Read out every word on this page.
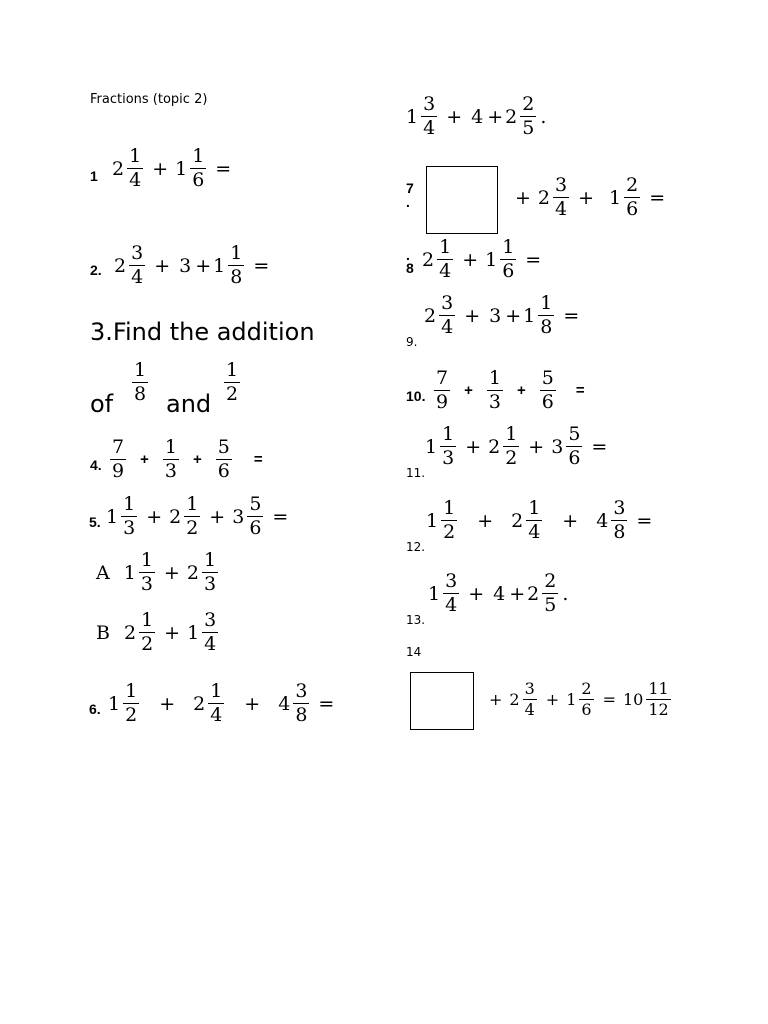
Fractions (topic 2)
1 $2 \frac{1}{4} + 1 \frac{1}{6}$ =
2. $2 \frac{3}{4} + 3 + 1 \frac{1}{8}$ =
3.Find the addition
of $\frac{1}{8}$ and $\frac{1}{2}$
4. $\frac{7}{9} + \frac{1}{3} + \frac{5}{6}$	=
5. $1 \frac{1}{3} + 2 \frac{1}{2} + 3 \frac{5}{6}$ =
A $1 \frac{1}{3} + 2 \frac{1}{3}$
B $2 \frac{1}{2} + 1 \frac{3}{4}$
6. $1 \frac{1}{2}$	+ $2 \frac{1}{4}$	+ $4 \frac{3}{8}$ =
$1 \frac{3}{4} + 4 + 2 \frac{2}{5}$ .
7
.	+ $2 \frac{3}{4} + 1 \frac{2}{6}$ =
.
8 $2 \frac{1}{4} + 1 \frac{1}{6}$ =
9.
$2 \frac{3}{4} + 3 + 1 \frac{1}{8}$ =
10. $\frac{7}{9} + \frac{1}{3} + \frac{5}{6}$	=
11.
$1 \frac{1}{3} + 2 \frac{1}{2} + 3 \frac{5}{6}$ =
12.
$1 \frac{1}{2}$	+ $2 \frac{1}{4}$	+ $4 \frac{3}{8}$ =
13.
$1 \frac{3}{4} + 4 + 2 \frac{2}{5}$ .
14
+ $2 \frac{3}{4} + 1 \frac{2}{6} = 10 \frac{11}{12}$
